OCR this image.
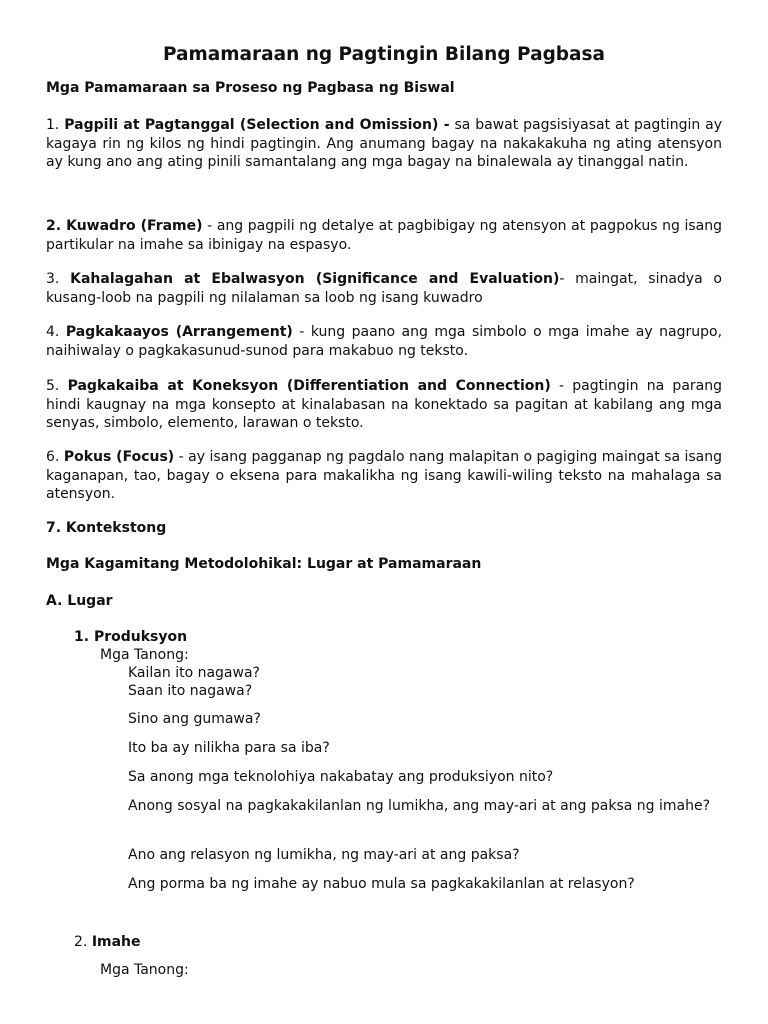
Pamamaraan ng Pagtingin Bilang Pagbasa

Mga Pamamaraan sa Proseso ng Pagbasa ng Biswal

1. Pagpili at Pagtanggal (Selection and Omission) - sa bawat pagsisiyasat at pagtingin ay kagaya rin ng kilos ng hindi pagtingin. Ang anumang bagay na nakakakuha ng ating atensyon ay kung ano ang ating pinili samantalang ang mga bagay na binalewala ay tinanggal natin.

2. Kuwadro (Frame) - ang pagpili ng detalye at pagbibigay ng atensyon at pagpokus ng isang partikular na imahe sa ibinigay na espasyo.

3. Kahalagahan at Ebalwasyon (Significance and Evaluation)- maingat, sinadya o kusang-loob na pagpili ng nilalaman sa loob ng isang kuwadro

4. Pagkakaayos (Arrangement) - kung paano ang mga simbolo o mga imahe ay nagrupo, naihiwalay o pagkakasunud-sunod para makabuo ng teksto.

5. Pagkakaiba at Koneksyon (Differentiation and Connection) - pagtingin na parang hindi kaugnay na mga konsepto at kinalabasan na konektado sa pagitan at kabilang ang mga senyas, simbolo, elemento, larawan o teksto.

6. Pokus (Focus) - ay isang pagganap ng pagdalo nang malapitan o pagiging maingat sa isang kaganapan, tao, bagay o eksena para makalikha ng isang kawili-wiling teksto na mahalaga sa atensyon.

7. Kontekstong

Mga Kagamitang Metodolohikal: Lugar at Pamamaraan

A. Lugar

1. Produksyon

Mga Tanong:

Kailan ito nagawa?

Saan ito nagawa?

Sino ang gumawa?

Ito ba ay nilikha para sa iba?

Sa anong mga teknolohiya nakabatay ang produksiyon nito?

Anong sosyal na pagkakakilanlan ng lumikha, ang may-ari at ang paksa ng imahe?

Ano ang relasyon ng lumikha, ng may-ari at ang paksa?

Ang porma ba ng imahe ay nabuo mula sa pagkakakilanlan at relasyon?

2. Imahe

Mga Tanong:
